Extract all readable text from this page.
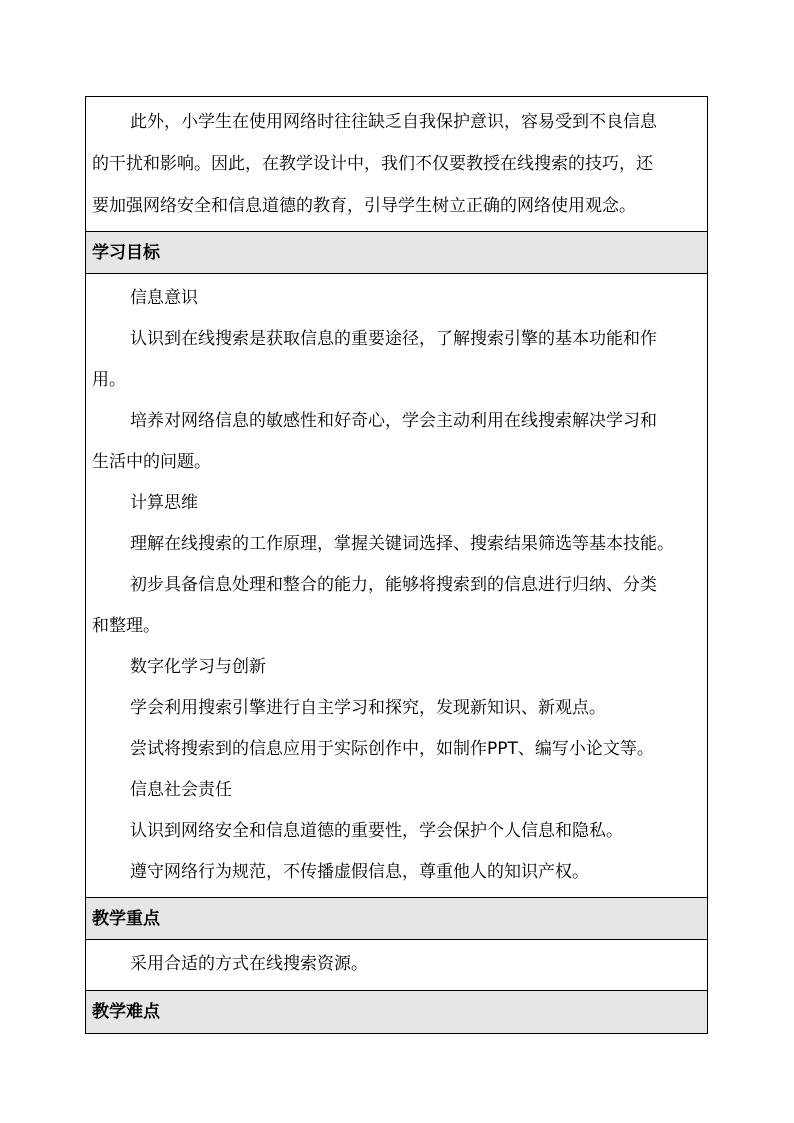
此外，小学生在使用网络时往往缺乏自我保护意识，容易受到不良信息

的干扰和影响。因此，在教学设计中，我们不仅要教授在线搜索的技巧，还

要加强网络安全和信息道德的教育，引导学生树立正确的网络使用观念。

学习目标

信息意识

认识到在线搜索是获取信息的重要途径，了解搜索引擎的基本功能和作

用。

培养对网络信息的敏感性和好奇心，学会主动利用在线搜索解决学习和

生活中的问题。

计算思维

理解在线搜索的工作原理，掌握关键词选择、搜索结果筛选等基本技能。

初步具备信息处理和整合的能力，能够将搜索到的信息进行归纳、分类

和整理。

数字化学习与创新

学会利用搜索引擎进行自主学习和探究，发现新知识、新观点。

尝试将搜索到的信息应用于实际创作中，如制作PPT、编写小论文等。

信息社会责任

认识到网络安全和信息道德的重要性，学会保护个人信息和隐私。

遵守网络行为规范，不传播虚假信息，尊重他人的知识产权。

教学重点

采用合适的方式在线搜索资源。

教学难点
